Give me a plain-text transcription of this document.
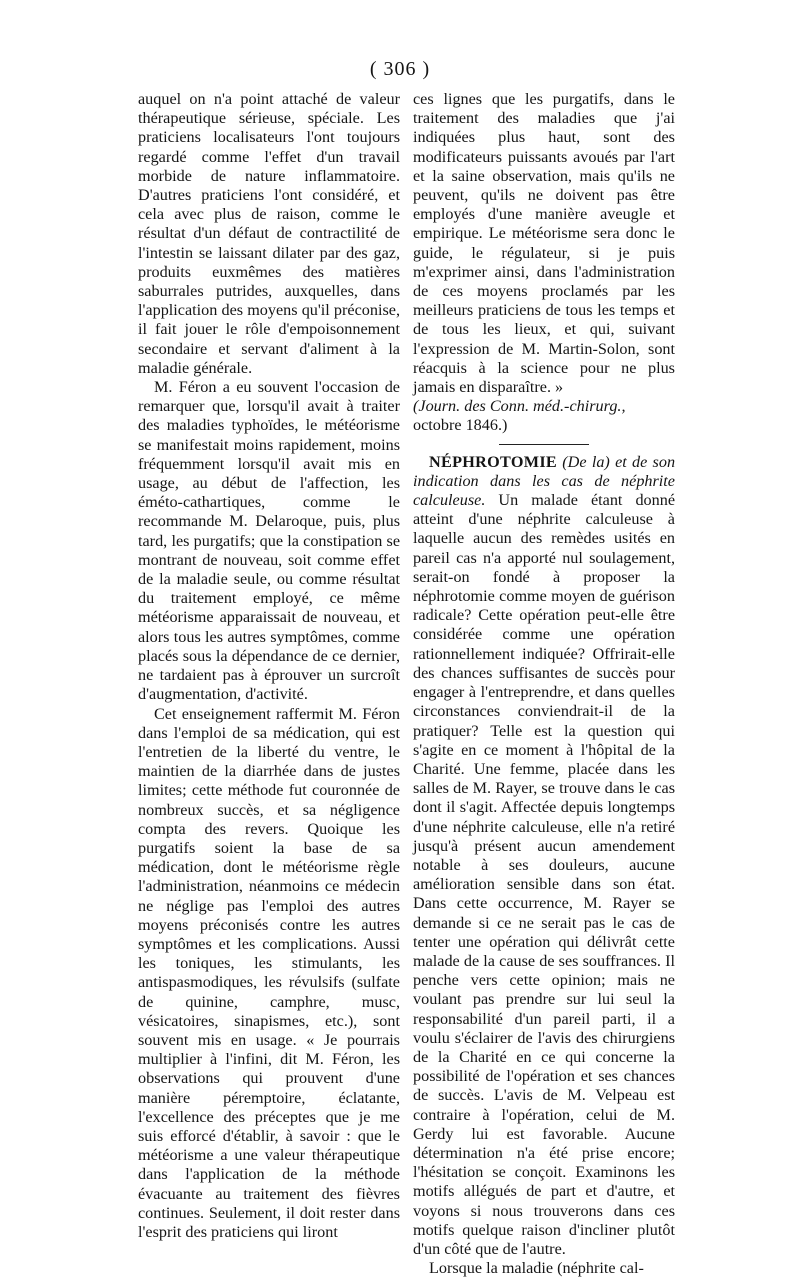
( 306 )

auquel on n'a point attaché de valeur thérapeutique sérieuse, spéciale. Les praticiens localisateurs l'ont toujours regardé comme l'effet d'un travail morbide de nature inflammatoire. D'autres praticiens l'ont considéré, et cela avec plus de raison, comme le résultat d'un défaut de contractilité de l'intestin se laissant dilater par des gaz, produits euxmêmes des matières saburrales putrides, auxquelles, dans l'application des moyens qu'il préconise, il fait jouer le rôle d'empoisonnement secondaire et servant d'aliment à la maladie générale.

M. Féron a eu souvent l'occasion de remarquer que, lorsqu'il avait à traiter des maladies typhoïdes, le météorisme se manifestait moins rapidement, moins fréquemment lorsqu'il avait mis en usage, au début de l'affection, les éméto-cathartiques, comme le recommande M. Delaroque, puis, plus tard, les purgatifs; que la constipation se montrant de nouveau, soit comme effet de la maladie seule, ou comme résultat du traitement employé, ce même météorisme apparaissait de nouveau, et alors tous les autres symptômes, comme placés sous la dépendance de ce dernier, ne tardaient pas à éprouver un surcroît d'augmentation, d'activité.

Cet enseignement raffermit M. Féron dans l'emploi de sa médication, qui est l'entretien de la liberté du ventre, le maintien de la diarrhée dans de justes limites; cette méthode fut couronnée de nombreux succès, et sa négligence compta des revers. Quoique les purgatifs soient la base de sa médication, dont le météorisme règle l'administration, néanmoins ce médecin ne néglige pas l'emploi des autres moyens préconisés contre les autres symptômes et les complications. Aussi les toniques, les stimulants, les antispasmodiques, les révulsifs (sulfate de quinine, camphre, musc, vésicatoires, sinapismes, etc.), sont souvent mis en usage. « Je pourrais multiplier à l'infini, dit M. Féron, les observations qui prouvent d'une manière péremptoire, éclatante, l'excellence des préceptes que je me suis efforcé d'établir, à savoir : que le météorisme a une valeur thérapeutique dans l'application de la méthode évacuante au traitement des fièvres continues. Seulement, il doit rester dans l'esprit des praticiens qui liront

ces lignes que les purgatifs, dans le traitement des maladies que j'ai indiquées plus haut, sont des modificateurs puissants avoués par l'art et la saine observation, mais qu'ils ne peuvent, qu'ils ne doivent pas être employés d'une manière aveugle et empirique. Le météorisme sera donc le guide, le régulateur, si je puis m'exprimer ainsi, dans l'administration de ces moyens proclamés par les meilleurs praticiens de tous les temps et de tous les lieux, et qui, suivant l'expression de M. Martin-Solon, sont réacquis à la science pour ne plus jamais en disparaître. »
(Journ. des Conn. méd.-chirurg.,
octobre 1846.)

NÉPHROTOMIE (De la) et de son indication dans les cas de néphrite calculeuse. Un malade étant donné atteint d'une néphrite calculeuse à laquelle aucun des remèdes usités en pareil cas n'a apporté nul soulagement, serait-on fondé à proposer la néphrotomie comme moyen de guérison radicale? Cette opération peut-elle être considérée comme une opération rationnellement indiquée? Offrirait-elle des chances suffisantes de succès pour engager à l'entreprendre, et dans quelles circonstances conviendrait-il de la pratiquer? Telle est la question qui s'agite en ce moment à l'hôpital de la Charité. Une femme, placée dans les salles de M. Rayer, se trouve dans le cas dont il s'agit. Affectée depuis longtemps d'une néphrite calculeuse, elle n'a retiré jusqu'à présent aucun amendement notable à ses douleurs, aucune amélioration sensible dans son état. Dans cette occurrence, M. Rayer se demande si ce ne serait pas le cas de tenter une opération qui délivrât cette malade de la cause de ses souffrances. Il penche vers cette opinion; mais ne voulant pas prendre sur lui seul la responsabilité d'un pareil parti, il a voulu s'éclairer de l'avis des chirurgiens de la Charité en ce qui concerne la possibilité de l'opération et ses chances de succès. L'avis de M. Velpeau est contraire à l'opération, celui de M. Gerdy lui est favorable. Aucune détermination n'a été prise encore; l'hésitation se conçoit. Examinons les motifs allégués de part et d'autre, et voyons si nous trouverons dans ces motifs quelque raison d'incliner plutôt d'un côté que de l'autre.

Lorsque la maladie (néphrite cal-
